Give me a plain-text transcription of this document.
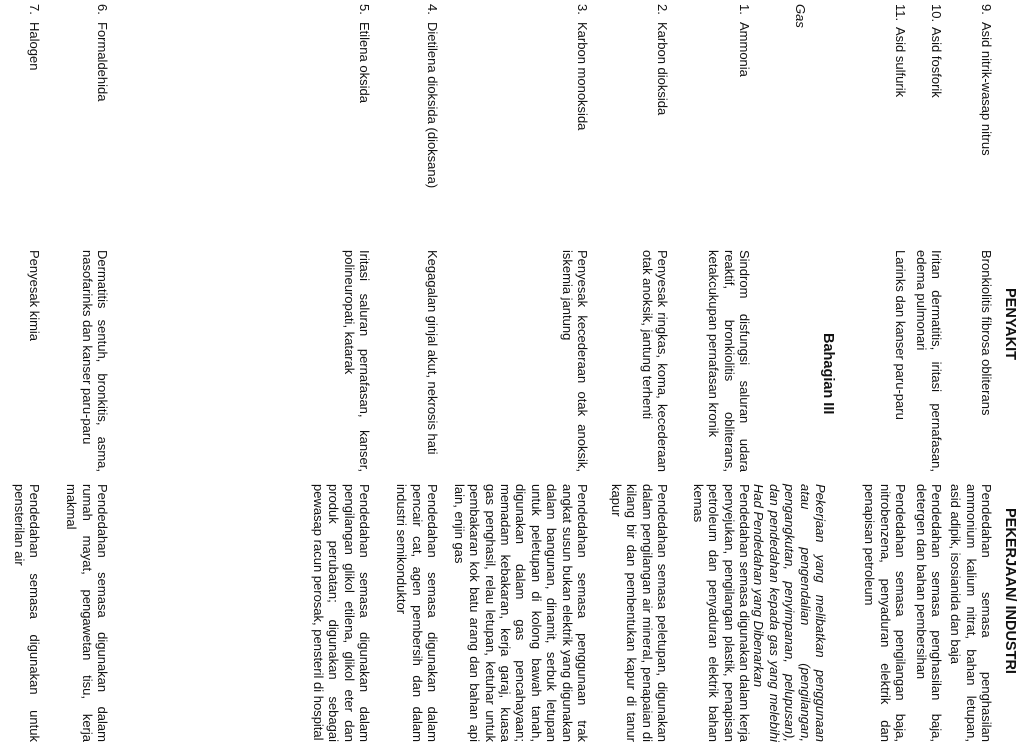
PENYAKIT
PEKERJAAN/ INDUSTRI
9.
Asid nitrik-wasap nitrus
Bronkiolitis fibrosa obliterans
Pendedahan semasa penghasilan ammonium kalium nitrat, bahan letupan, asid adipik, isosianida dan baja
10.
Asid fosforik
Iritan dermatitis, iritasi pernafasan, edema pulmonari
Pendedahan semasa penghasilan baja, detergen dan bahan pembersihan
11.
Asid sulfurik
Larinks dan kanser paru-paru
Pendedahan semasa pengilangan baja, nitrobenzena, penyaduran elektrik dan penapisan petroleum
Bahagian III
Gas
Pekerjaan yang melibatkan penggunaan atau pengendalian (pengilangan, pengangkutan, penyimpanan, pelupusan), dan pendedahan kepada gas yang melebihi Had Pendedahan yang Dibenarkan
1.
Ammonia
Sindrom disfungsi saluran udara reaktif, bronkiolitis obliterans, ketakcukupan pernafasan kronik
Pendedahan semasa digunakan dalam kerja penyejukan, pengilangan plastik, penapisan petroleum dan penyaduran elektrik bahan kemas
2.
Karbon dioksida
Penyesak ringkas, koma, kecederaan otak anoksik, jantung terhenti
Pendedahan semasa peletupan, digunakan dalam pengilangan air mineral, penapaian di kilang bir dan pembentukan kapur di tanur kapur
3.
Karbon monoksida
Penyesak kecederaan otak anoksik, iskemia jantung
Pendedahan semasa penggunaan trak angkat susun bukan elektrik yang digunakan dalam bangunan, dinamit, serbuk letupan untuk peletupan di kolong bawah tanah, digunakan dalam gas pencahayaan; memadam kebakaran, kerja garaj, kuasa gas penghasil, relau letupan, ketuhar untuk pembakaran kok batu arang dan bahan api lain, enjin gas
4.
Dietilena dioksida (dioksana)
Kegagalan ginjal akut, nekrosis hati
Pendedahan semasa digunakan dalam pencair cat, agen pembersih dan dalam industri semikonduktor
5.
Etilena oksida
Iritasi saluran pernafasan, kanser, polineuropati, katarak
Pendedahan semasa digunakan dalam pengilangan glikol etilena, glikol eter dan produk perubatan; digunakan sebagai pewasap racun perosak, pensteril di hospital
6.
Formaldehida
Dermatitis sentuh, bronkitis, asma, nasofarinks dan kanser paru-paru
Pendedahan semasa digunakan dalam rumah mayat, pengawetan tisu, kerja makmal
7.
Halogen
Penyesak kimia
Pendedahan semasa digunakan untuk pensterilan air
